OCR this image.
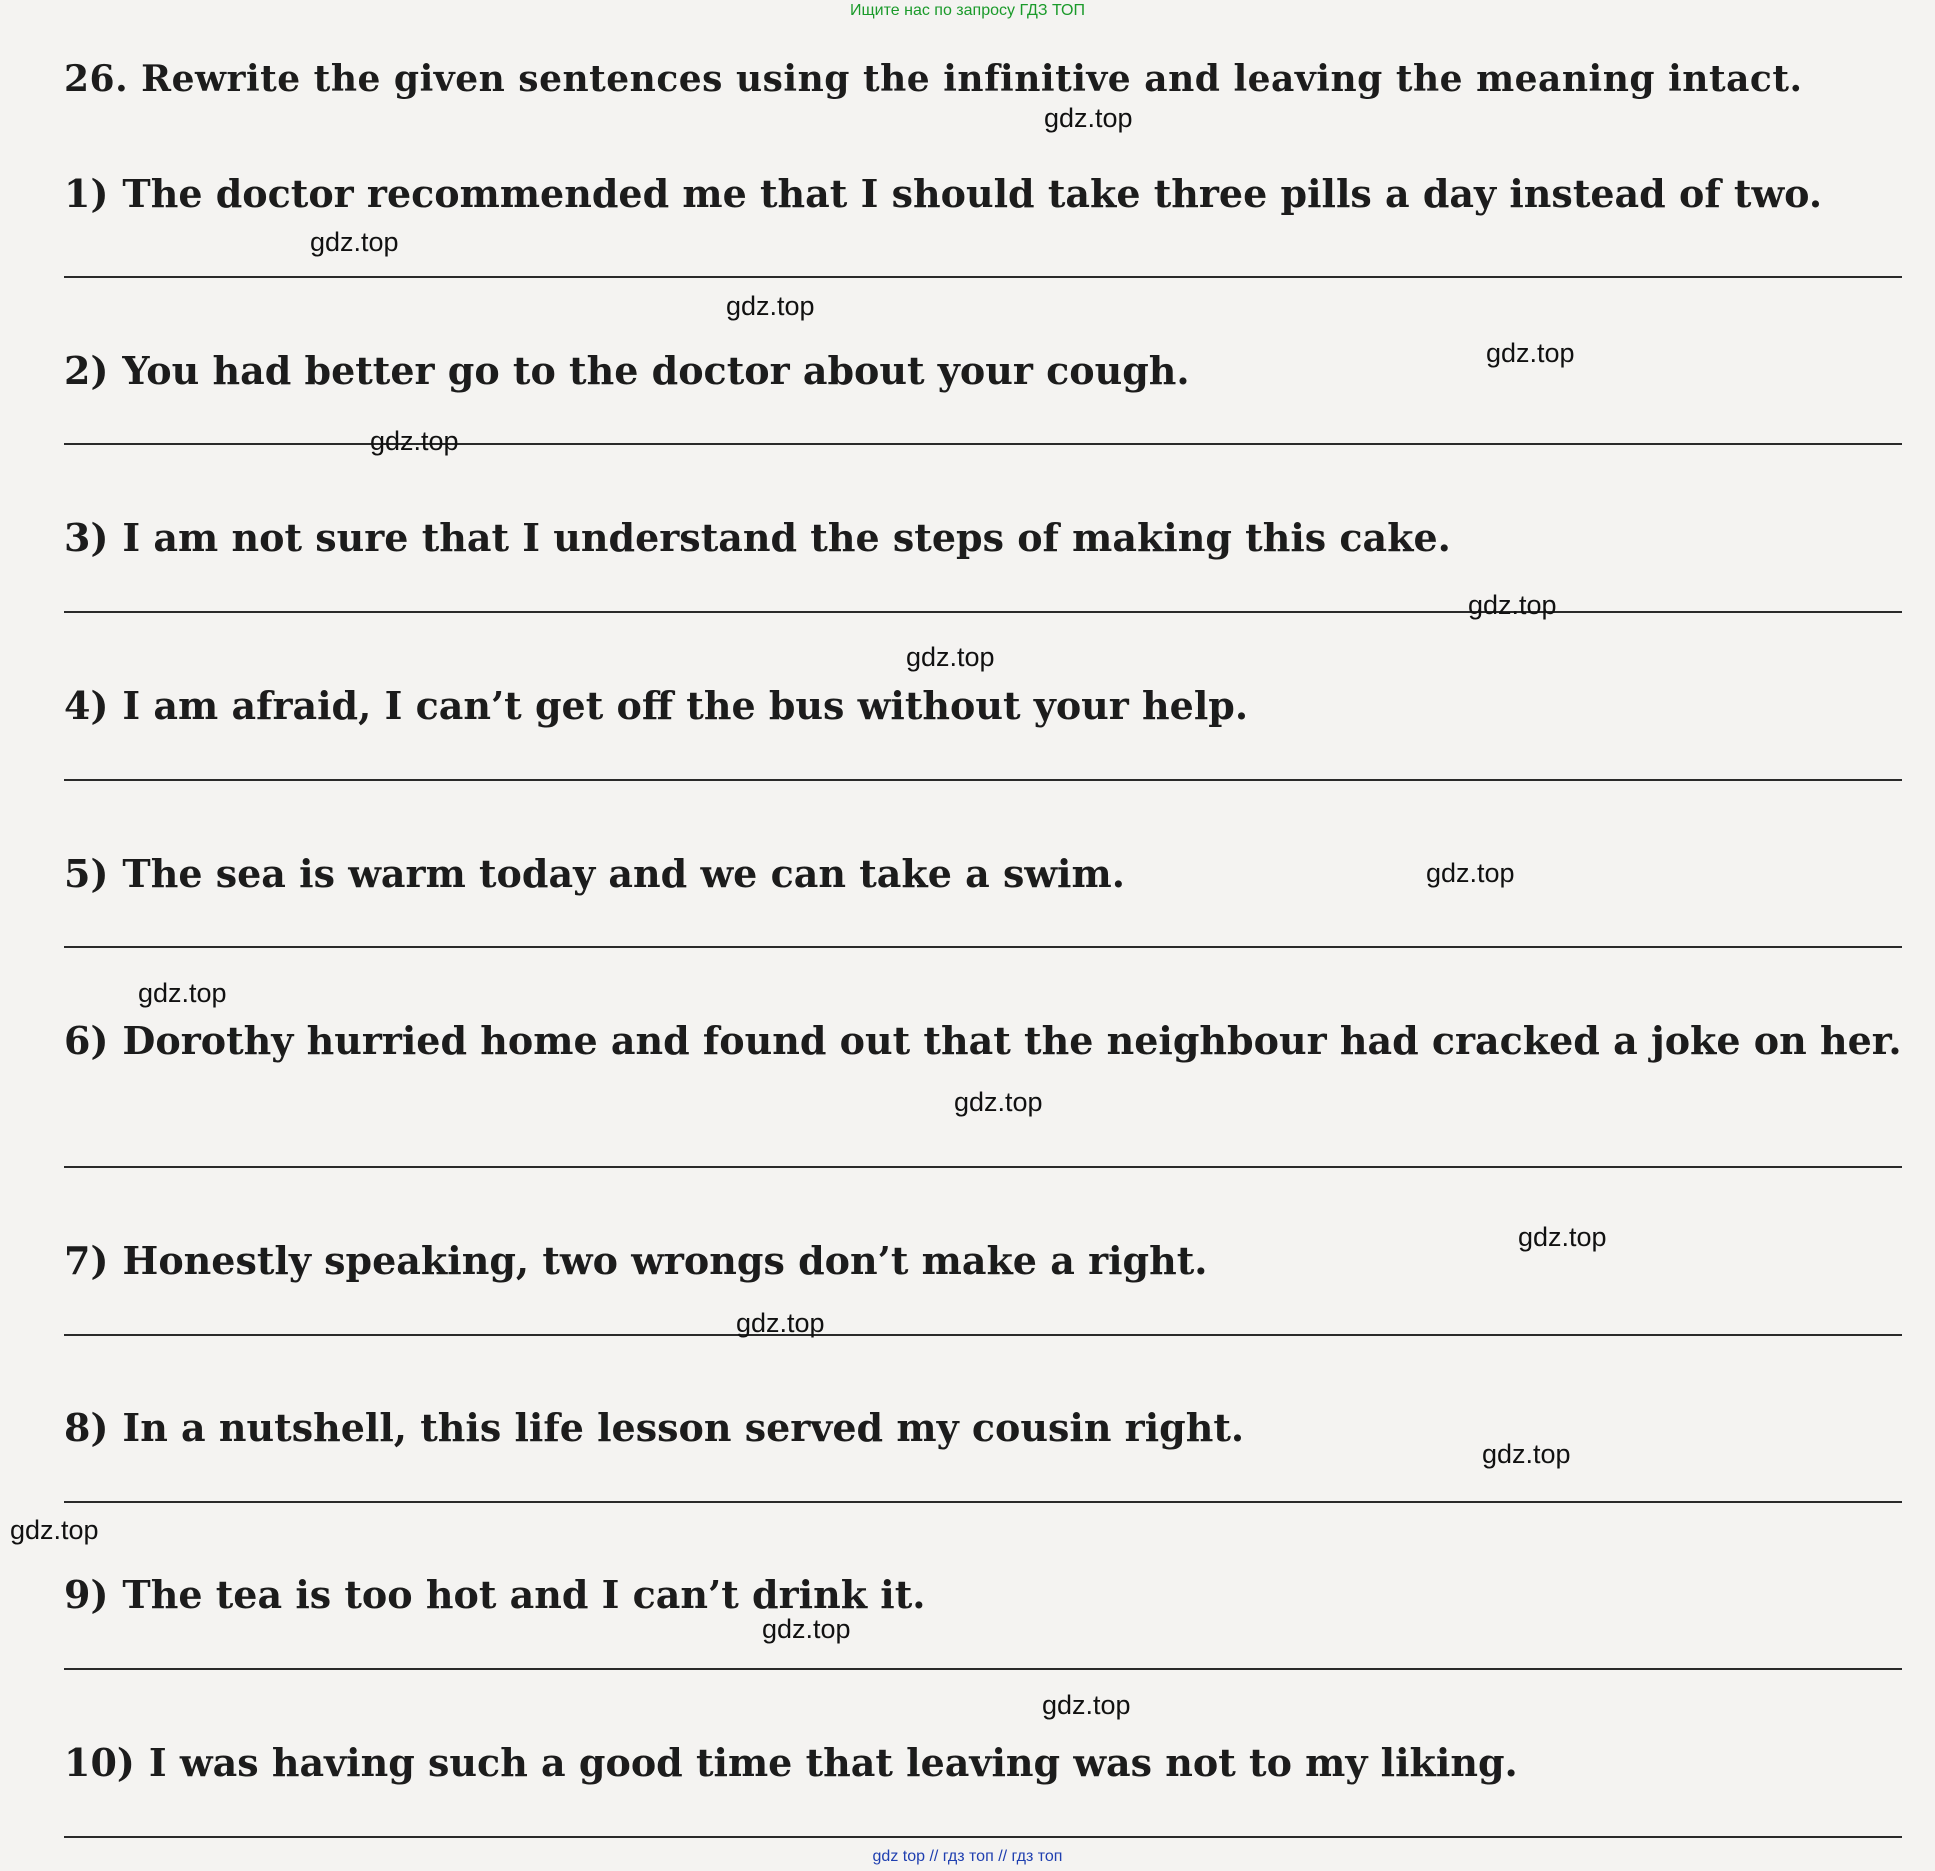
Ищите нас по запросу ГДЗ ТОП
26. Rewrite the given sentences using the infinitive and leaving the meaning intact.
1) The doctor recommended me that I should take three pills a day instead of two.
2) You had better go to the doctor about your cough.
3) I am not sure that I understand the steps of making this cake.
4) I am afraid, I can’t get off the bus without your help.
5) The sea is warm today and we can take a swim.
6) Dorothy hurried home and found out that the neighbour had cracked a joke on her.
7) Honestly speaking, two wrongs don’t make a right.
8) In a nutshell, this life lesson served my cousin right.
9) The tea is too hot and I can’t drink it.
10) I was having such a good time that leaving was not to my liking.
gdz.top
gdz.top
gdz.top
gdz.top
gdz.top
gdz.top
gdz.top
gdz.top
gdz.top
gdz.top
gdz.top
gdz.top
gdz.top
gdz.top
gdz.top
gdz.top
gdz top // гдз топ // гдз топ
